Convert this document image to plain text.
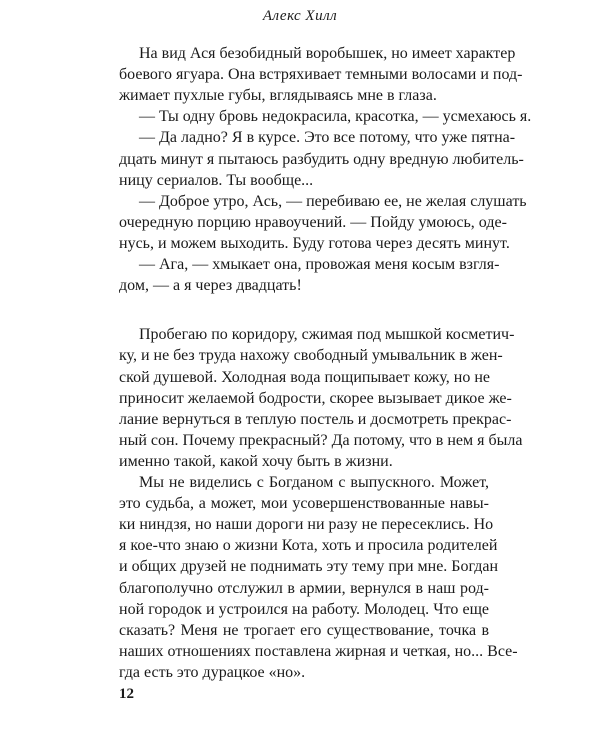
Алекс Хилл
На вид Ася безобидный воробышек, но имеет характер
боевого ягуара. Она встряхивает темными волосами и под-
жимает пухлые губы, вглядываясь мне в глаза.
— Ты одну бровь недокрасила, красотка, — усмехаюсь я.
— Да ладно? Я в курсе. Это все потому, что уже пятна-
дцать минут я пытаюсь разбудить одну вредную любитель-
ницу сериалов. Ты вообще...
— Доброе утро, Ась, — перебиваю ее, не желая слушать
очередную порцию нравоучений. — Пойду умоюсь, оде-
нусь, и можем выходить. Буду готова через десять минут.
— Ага, — хмыкает она, провожая меня косым взгля-
дом, — а я через двадцать!
Пробегаю по коридору, сжимая под мышкой косметич-
ку, и не без труда нахожу свободный умывальник в жен-
ской душевой. Холодная вода пощипывает кожу, но не
приносит желаемой бодрости, скорее вызывает дикое же-
лание вернуться в теплую постель и досмотреть прекрас-
ный сон. Почему прекрасный? Да потому, что в нем я была
именно такой, какой хочу быть в жизни.
Мы не виделись с Богданом с выпускного. Может,
это судьба, а может, мои усовершенствованные навы-
ки ниндзя, но наши дороги ни разу не пересеклись. Но
я кое-что знаю о жизни Кота, хоть и просила родителей
и общих друзей не поднимать эту тему при мне. Богдан
благополучно отслужил в армии, вернулся в наш род-
ной городок и устроился на работу. Молодец. Что еще
сказать? Меня не трогает его существование, точка в
наших отношениях поставлена жирная и четкая, но... Все-
гда есть это дурацкое «но».
12
